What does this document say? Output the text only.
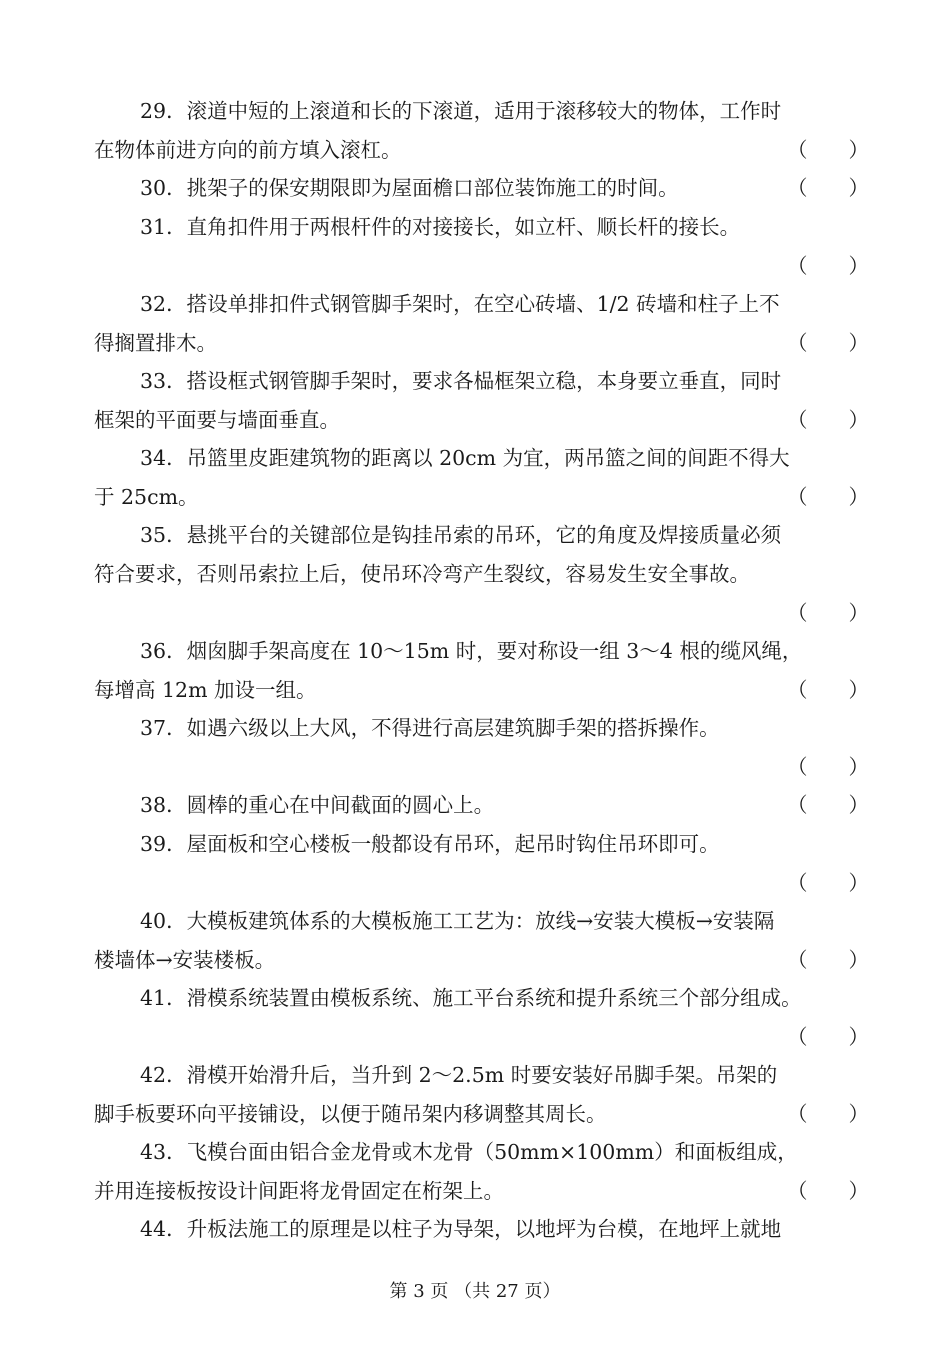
29．滚道中短的上滚道和长的下滚道，适用于滚移较大的物体，工作时
在物体前进方向的前方填入滚杠。	（　　）
30．挑架子的保安期限即为屋面檐口部位装饰施工的时间。	（　　）
31．直角扣件用于两根杆件的对接接长，如立杆、顺长杆的接长。
（　　）
32．搭设单排扣件式钢管脚手架时，在空心砖墙、1/2 砖墙和柱子上不
得搁置排木。	（　　）
33．搭设框式钢管脚手架时，要求各榀框架立稳，本身要立垂直，同时
框架的平面要与墙面垂直。	（　　）
34．吊篮里皮距建筑物的距离以 20cm 为宜，两吊篮之间的间距不得大
于 25cm。	（　　）
35．悬挑平台的关键部位是钩挂吊索的吊环，它的角度及焊接质量必须
符合要求，否则吊索拉上后，使吊环冷弯产生裂纹，容易发生安全事故。
（　　）
36．烟囱脚手架高度在 10～15m 时，要对称设一组 3～4 根的缆风绳，
每增高 12m 加设一组。	（　　）
37．如遇六级以上大风，不得进行高层建筑脚手架的搭拆操作。
（　　）
38．圆棒的重心在中间截面的圆心上。	（　　）
39．屋面板和空心楼板一般都设有吊环，起吊时钩住吊环即可。
（　　）
40．大模板建筑体系的大模板施工工艺为：放线→安装大模板→安装隔
楼墙体→安装楼板。	（　　）
41．滑模系统装置由模板系统、施工平台系统和提升系统三个部分组成。
（　　）
42．滑模开始滑升后，当升到 2～2.5m 时要安装好吊脚手架。吊架的
脚手板要环向平接铺设，以便于随吊架内移调整其周长。	（　　）
43．飞模台面由铝合金龙骨或木龙骨（50mm×100mm）和面板组成，
并用连接板按设计间距将龙骨固定在桁架上。	（　　）
44．升板法施工的原理是以柱子为导架，以地坪为台模，在地坪上就地
第 3 页 （共 27 页）
